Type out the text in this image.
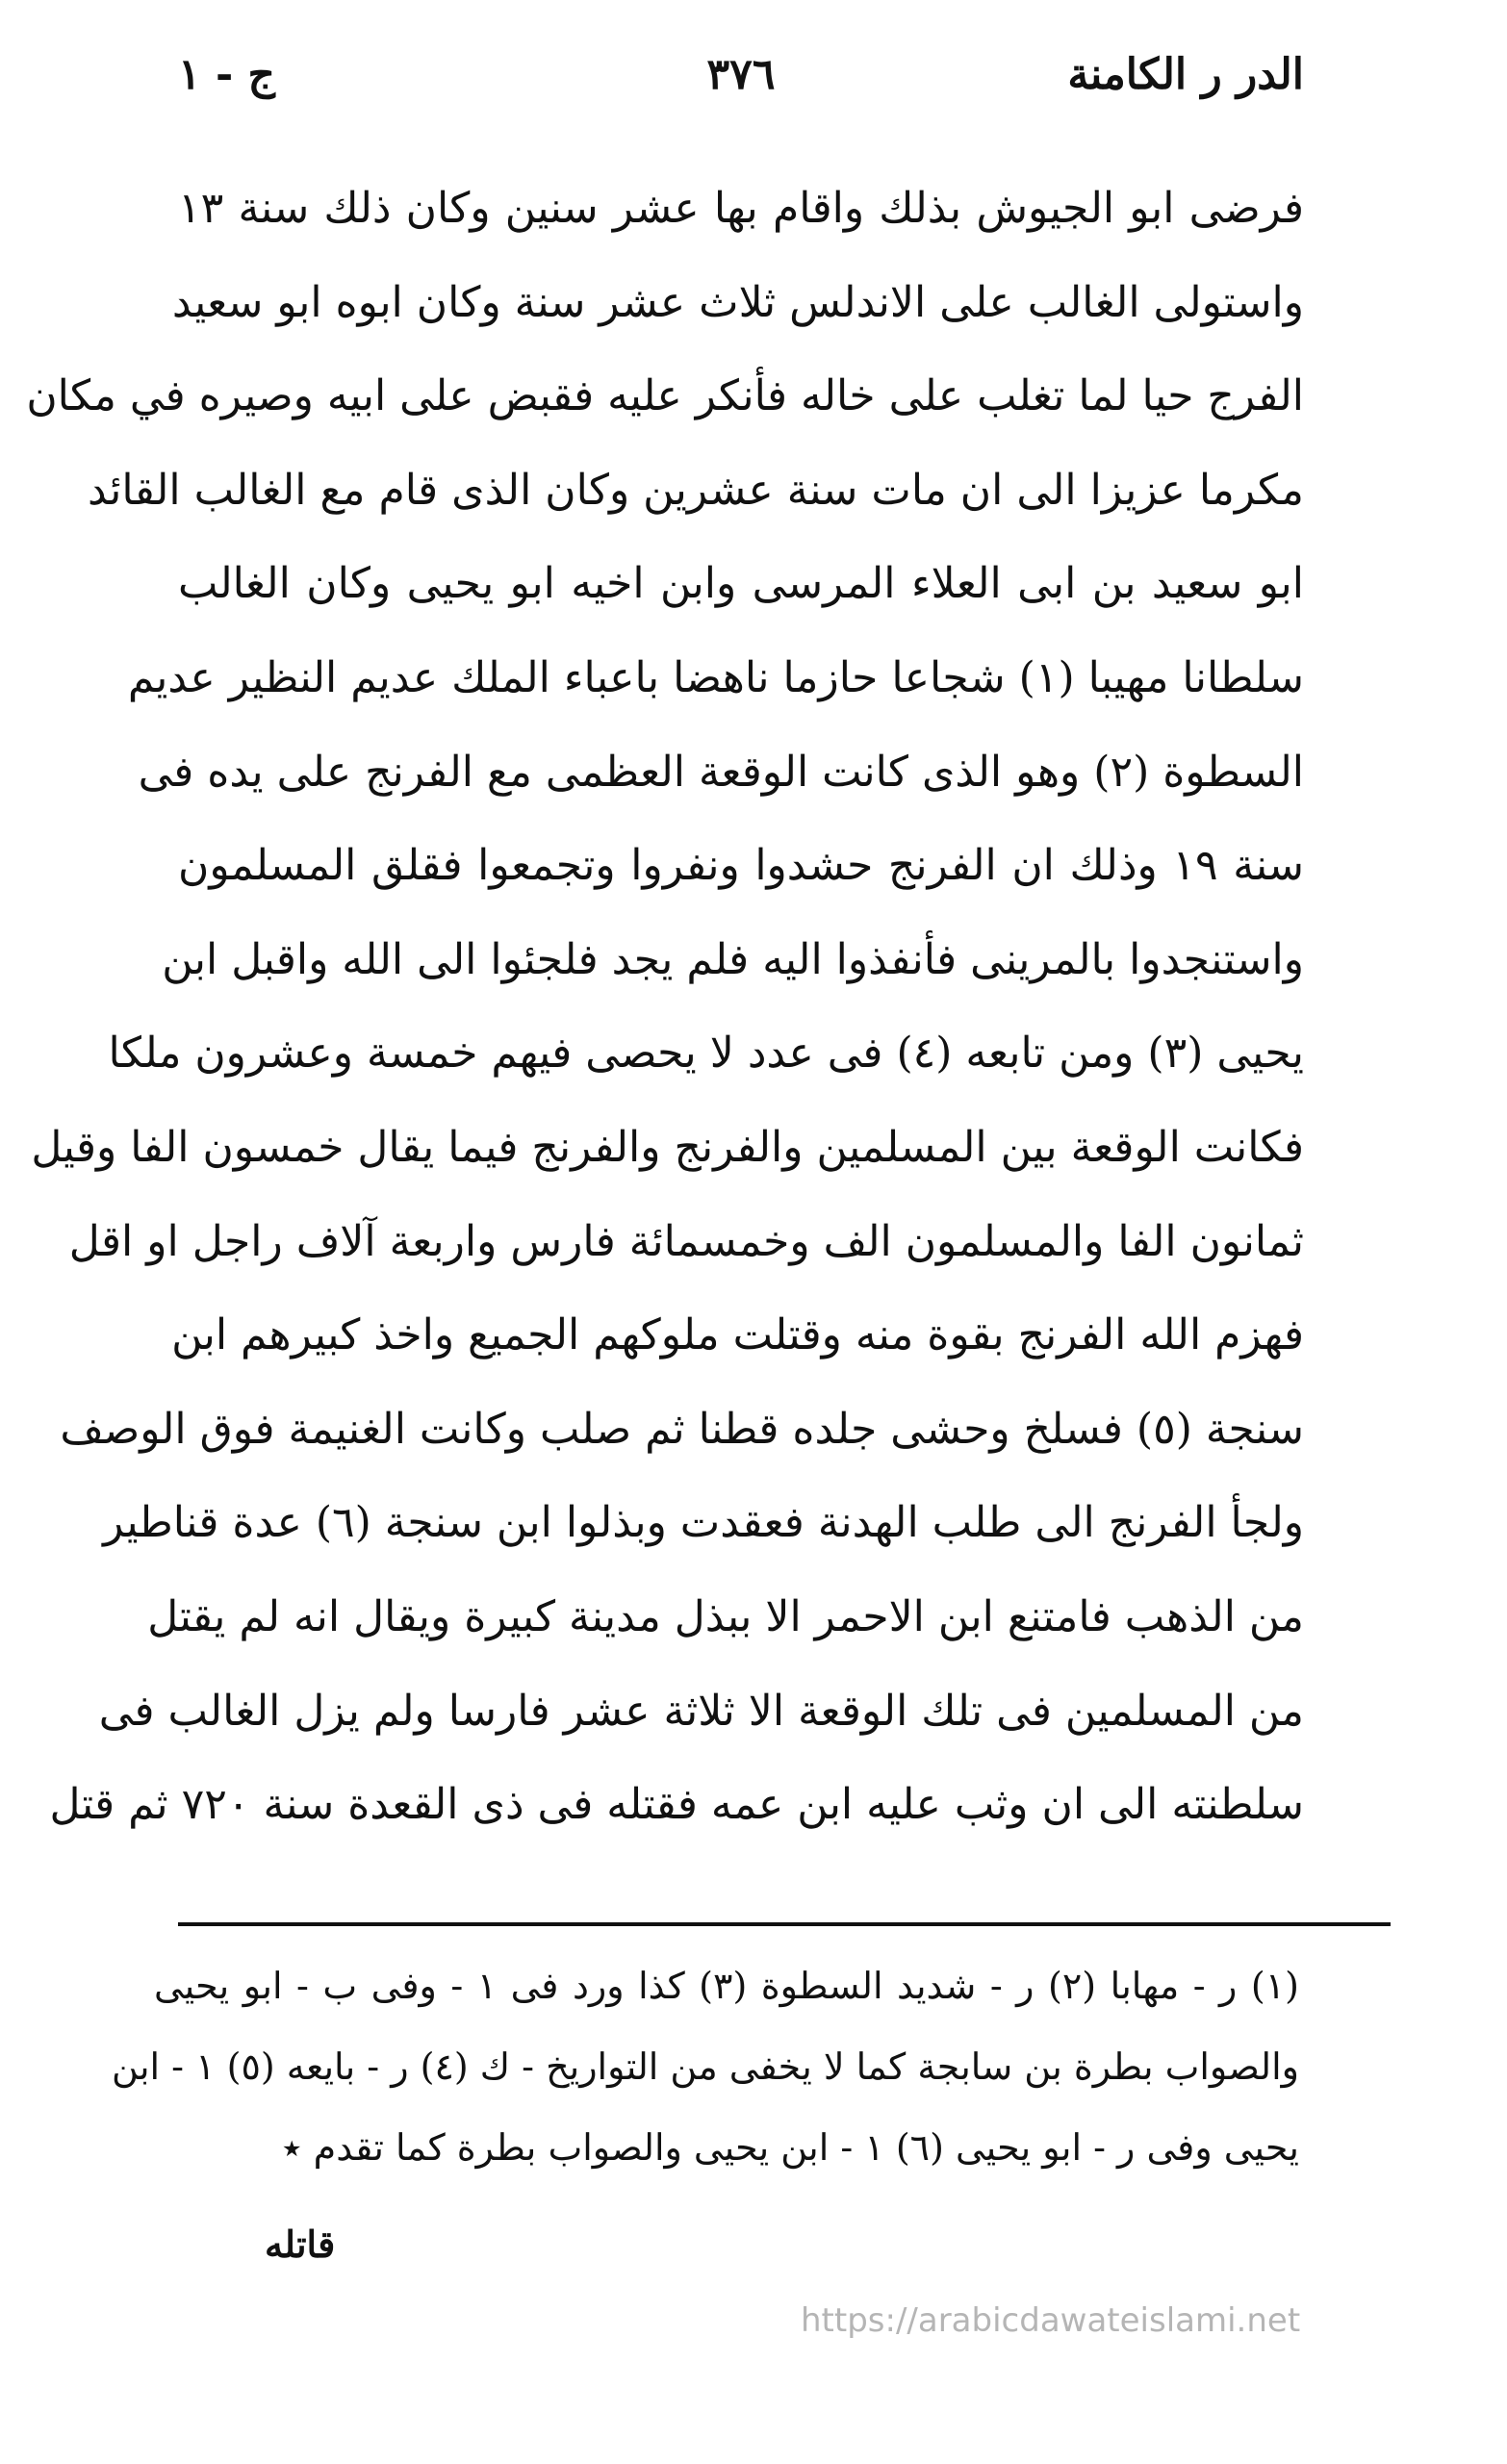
الدر ر الكامنة
٣٧٦
ج - ١
فرضى ابو الجيوش بذلك واقام بها عشر سنين وكان ذلك سنة ١٣
واستولى الغالب على الاندلس ثلاث عشر سنة وكان ابوه ابو سعيد
الفرج حيا لما تغلب على خاله فأنكر عليه فقبض على ابيه وصيره في مكان
مكرما عزيزا الى ان مات سنة عشرين وكان الذى قام مع الغالب القائد
ابو سعيد بن ابى العلاء المرسى وابن اخيه ابو يحيى وكان الغالب
سلطانا مهيبا (١) شجاعا حازما ناهضا باعباء الملك عديم النظير عديم
السطوة (٢) وهو الذى كانت الوقعة العظمى مع الفرنج على يده فى
سنة ١٩ وذلك ان الفرنج حشدوا ونفروا وتجمعوا فقلق المسلمون
واستنجدوا بالمرينى فأنفذوا اليه فلم يجد فلجئوا الى الله واقبل ابن
يحيى (٣) ومن تابعه (٤) فى عدد لا يحصى فيهم خمسة وعشرون ملكا
فكانت الوقعة بين المسلمين والفرنج والفرنج فيما يقال خمسون الفا وقيل
ثمانون الفا والمسلمون الف وخمسمائة فارس واربعة آلاف راجل او اقل
فهزم الله الفرنج بقوة منه وقتلت ملوكهم الجميع واخذ كبيرهم ابن
سنجة (٥) فسلخ وحشى جلده قطنا ثم صلب وكانت الغنيمة فوق الوصف
ولجأ الفرنج الى طلب الهدنة فعقدت وبذلوا ابن سنجة (٦) عدة قناطير
من الذهب فامتنع ابن الاحمر الا ببذل مدينة كبيرة ويقال انه لم يقتل
من المسلمين فى تلك الوقعة الا ثلاثة عشر فارسا ولم يزل الغالب فى
سلطنته الى ان وثب عليه ابن عمه فقتله فى ذى القعدة سنة ٧٢٠ ثم قتل
(١) ر - مهابا (٢) ر - شديد السطوة (٣) كذا ورد فى ١ - وفى ب - ابو يحيى
والصواب بطرة بن سابجة كما لا يخفى من التواريخ - ك (٤) ر - بايعه (٥) ١ - ابن
يحيى وفى ر - ابو يحيى (٦) ١ - ابن يحيى والصواب بطرة كما تقدم ٭
قاتله
https://arabicdawateislami.net
